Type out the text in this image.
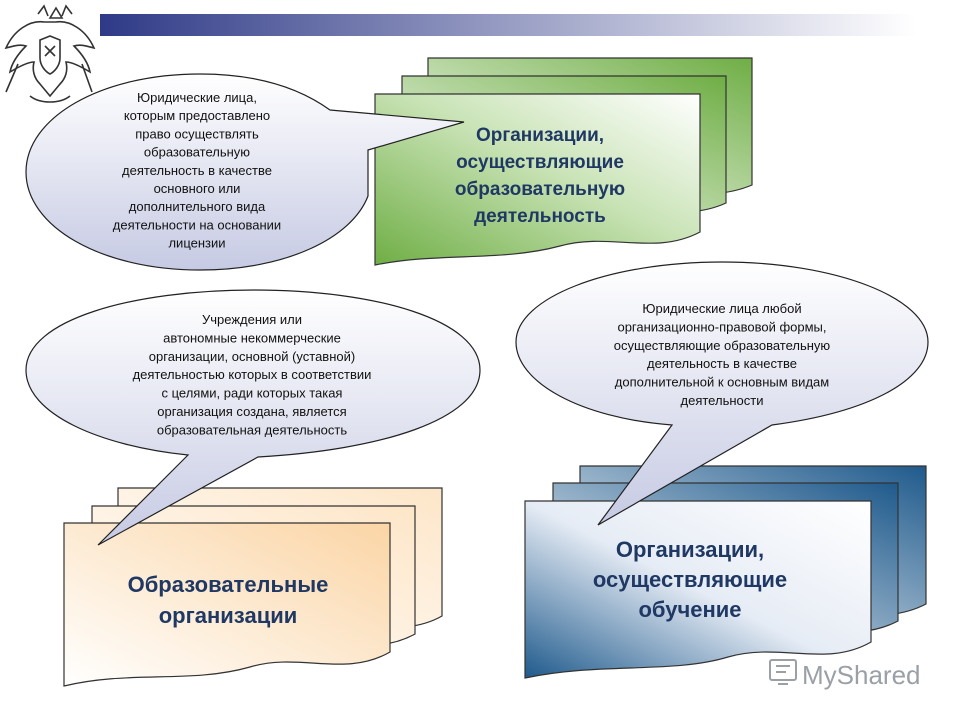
Организации, осуществляющие образовательную деятельность
Образовательные организации
Организации, осуществляющие обучение
Юридические лица, которым предоставлено право осуществлять образовательную деятельность в качестве основного или дополнительного вида деятельности на основании лицензии
Учреждения или автономные некоммерческие организации, основной (уставной) деятельностью которых в соответствии с целями, ради которых такая организация создана, является образовательная деятельность
Юридические лица любой организационно-правовой формы, осуществляющие образовательную деятельность в качестве дополнительной к основным видам деятельности
MyShared
